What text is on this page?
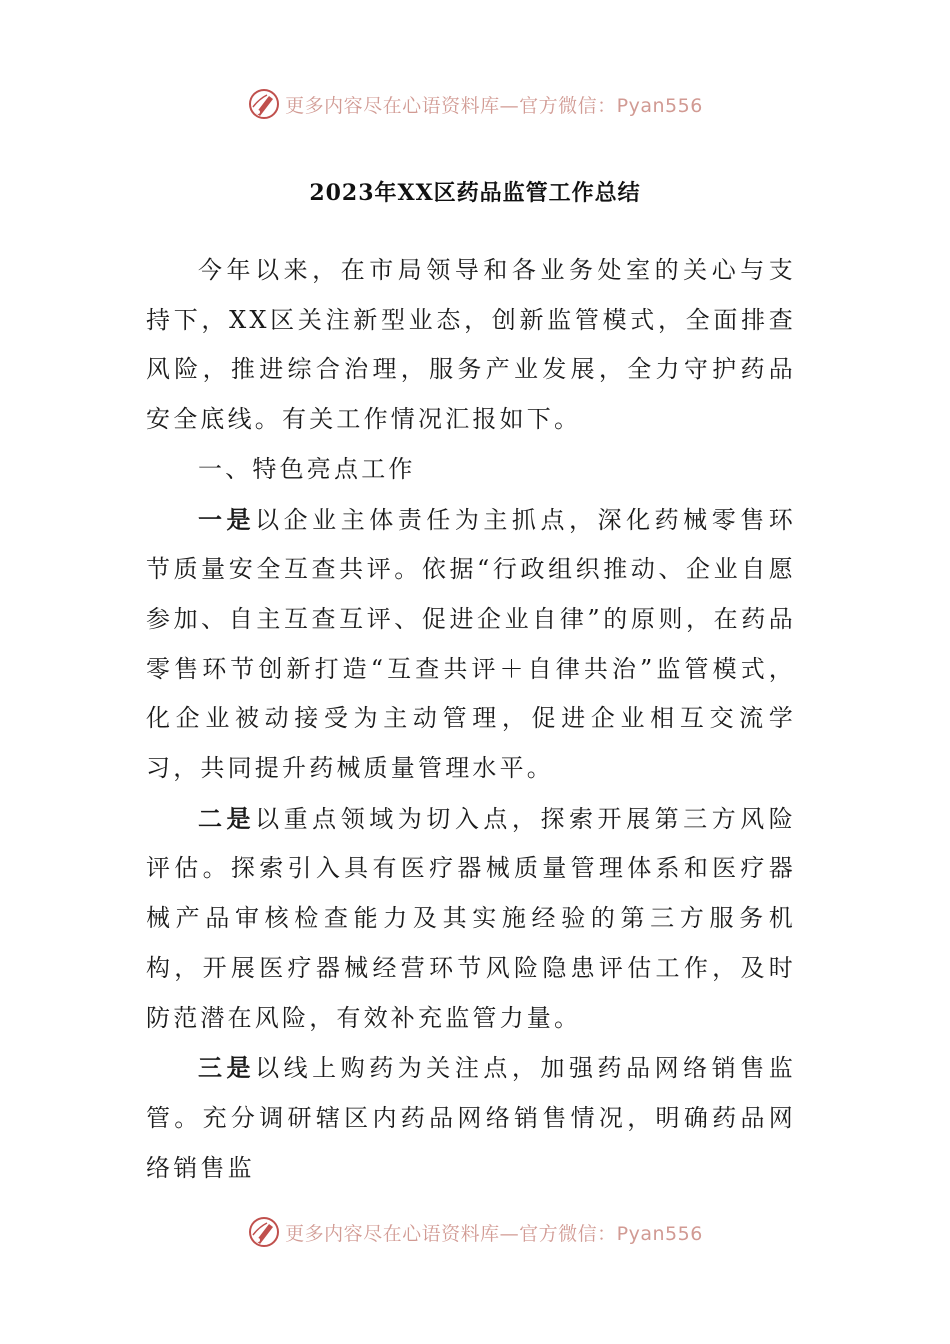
更多内容尽在心语资料库—官方微信：Pyan556
2023年XX区药品监管工作总结

今年以来，在市局领导和各业务处室的关心与支持下，XX区关注新型业态，创新监管模式，全面排查风险，推进综合治理，服务产业发展，全力守护药品安全底线。有关工作情况汇报如下。

一、特色亮点工作

一是以企业主体责任为主抓点，深化药械零售环节质量安全互查共评。依据“行政组织推动、企业自愿参加、自主互查互评、促进企业自律”的原则，在药品零售环节创新打造“互查共评＋自律共治”监管模式，化企业被动接受为主动管理，促进企业相互交流学习，共同提升药械质量管理水平。

二是以重点领域为切入点，探索开展第三方风险评估。探索引入具有医疗器械质量管理体系和医疗器械产品审核检查能力及其实施经验的第三方服务机构，开展医疗器械经营环节风险隐患评估工作，及时防范潜在风险，有效补充监管力量。

三是以线上购药为关注点，加强药品网络销售监管。充分调研辖区内药品网络销售情况，明确药品网络销售监

更多内容尽在心语资料库—官方微信：Pyan556
